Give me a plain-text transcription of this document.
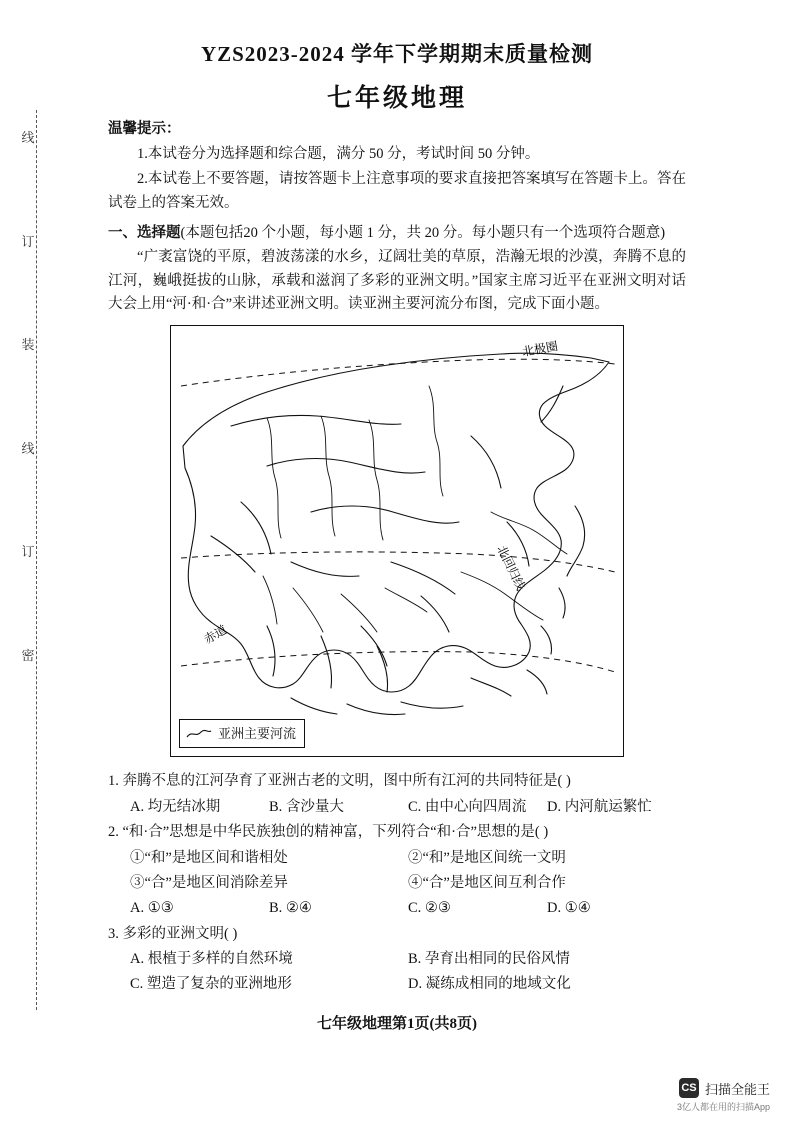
线
订
装
线
订
密
YZS2023-2024 学年下学期期末质量检测
七年级地理
温馨提示：

1.本试卷分为选择题和综合题，满分 50 分，考试时间 50 分钟。

2.本试卷上不要答题，请按答题卡上注意事项的要求直接把答案填写在答题卡上。答在试卷上的答案无效。

一、选择题(本题包括20 个小题，每小题 1 分，共 20 分。每小题只有一个选项符合题意)

“广袤富饶的平原，碧波荡漾的水乡，辽阔壮美的草原，浩瀚无垠的沙漠，奔腾不息的江河，巍峨挺拔的山脉，承载和滋润了多彩的亚洲文明。”国家主席习近平在亚洲文明对话大会上用“河·和·合”来讲述亚洲文明。读亚洲主要河流分布图，完成下面小题。

北极圈
北回归线
赤道
亚洲主要河流

1. 奔腾不息的江河孕育了亚洲古老的文明，图中所有江河的共同特征是( )

A. 均无结冰期	B. 含沙量大	C. 由中心向四周流	D. 内河航运繁忙

2. “和·合”思想是中华民族独创的精神富，下列符合“和·合”思想的是( )

①“和”是地区间和谐相处	②“和”是地区间统一文明
③“合”是地区间消除差异	④“合”是地区间互利合作
A. ①③	B. ②④	C. ②③	D. ①④

3. 多彩的亚洲文明( )

A. 根植于多样的自然环境	B. 孕育出相同的民俗风情
C. 塑造了复杂的亚洲地形	D. 凝练成相同的地域文化
七年级地理第1页(共8页)
CS 扫描全能王
3亿人都在用的扫描App
